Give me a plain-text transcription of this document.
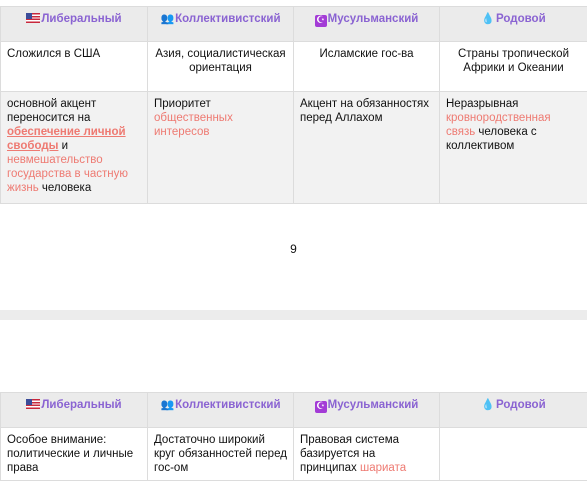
Либеральный	👥Коллективистский	☪ Мусульманский	💧Родовой
Сложился в США	Азия, социалистическая ориентация	Исламские гос-ва	Страны тропической Африки и Океании
основной акцент переносится на обеспечение личной свободы и невмешательство государства в частную жизнь человека	Приоритет общественных интересов	Акцент на обязанностях перед Аллахом	Неразрывная кровнородственная связь человека с коллективом
9
Либеральный	👥Коллективистский	☪ Мусульманский	💧Родовой
Особое внимание: политические и личные права	Достаточно широкий круг обязанностей перед гос-ом	Правовая система базируется на принципах шариата	
